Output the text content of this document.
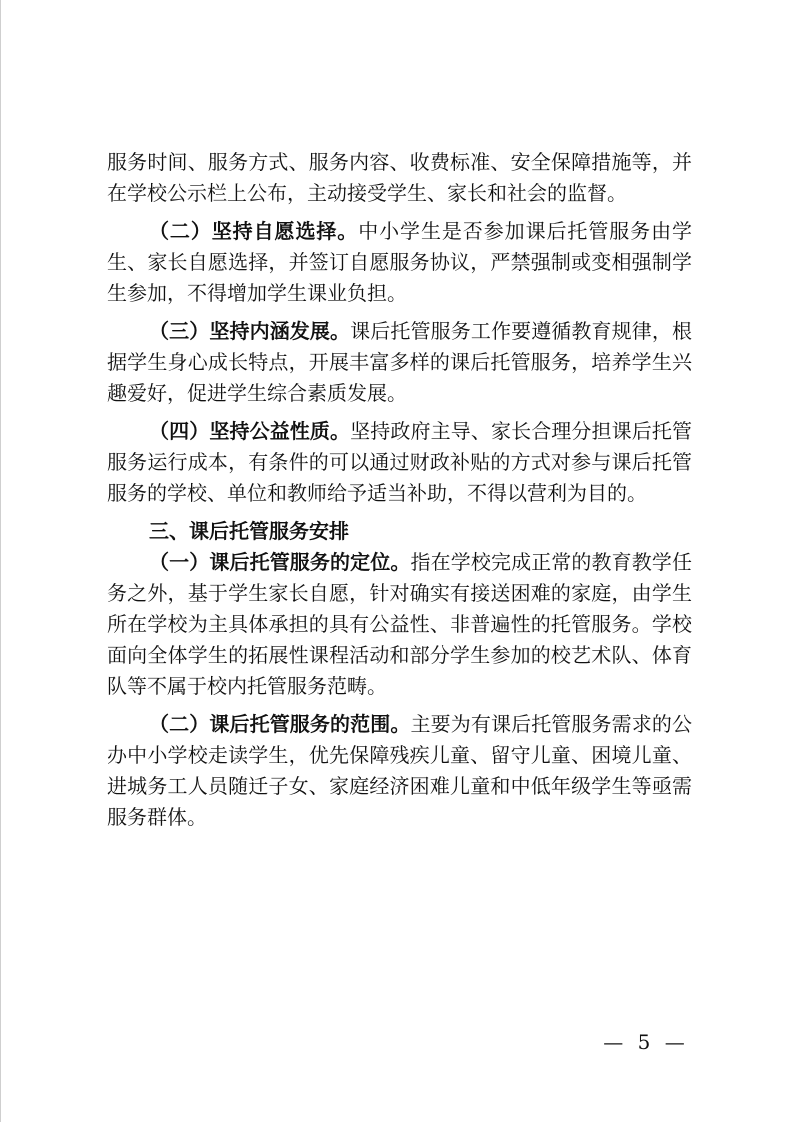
服务时间、服务方式、服务内容、收费标准、安全保障措施等，并在学校公示栏上公布，主动接受学生、家长和社会的监督。

（二）坚持自愿选择。中小学生是否参加课后托管服务由学生、家长自愿选择，并签订自愿服务协议，严禁强制或变相强制学生参加，不得增加学生课业负担。

（三）坚持内涵发展。课后托管服务工作要遵循教育规律，根据学生身心成长特点，开展丰富多样的课后托管服务，培养学生兴趣爱好，促进学生综合素质发展。

（四）坚持公益性质。坚持政府主导、家长合理分担课后托管服务运行成本，有条件的可以通过财政补贴的方式对参与课后托管服务的学校、单位和教师给予适当补助，不得以营利为目的。

三、课后托管服务安排

（一）课后托管服务的定位。指在学校完成正常的教育教学任务之外，基于学生家长自愿，针对确实有接送困难的家庭，由学生所在学校为主具体承担的具有公益性、非普遍性的托管服务。学校面向全体学生的拓展性课程活动和部分学生参加的校艺术队、体育队等不属于校内托管服务范畴。

（二）课后托管服务的范围。主要为有课后托管服务需求的公办中小学校走读学生，优先保障残疾儿童、留守儿童、困境儿童、进城务工人员随迁子女、家庭经济困难儿童和中低年级学生等亟需服务群体。

— 5 —
